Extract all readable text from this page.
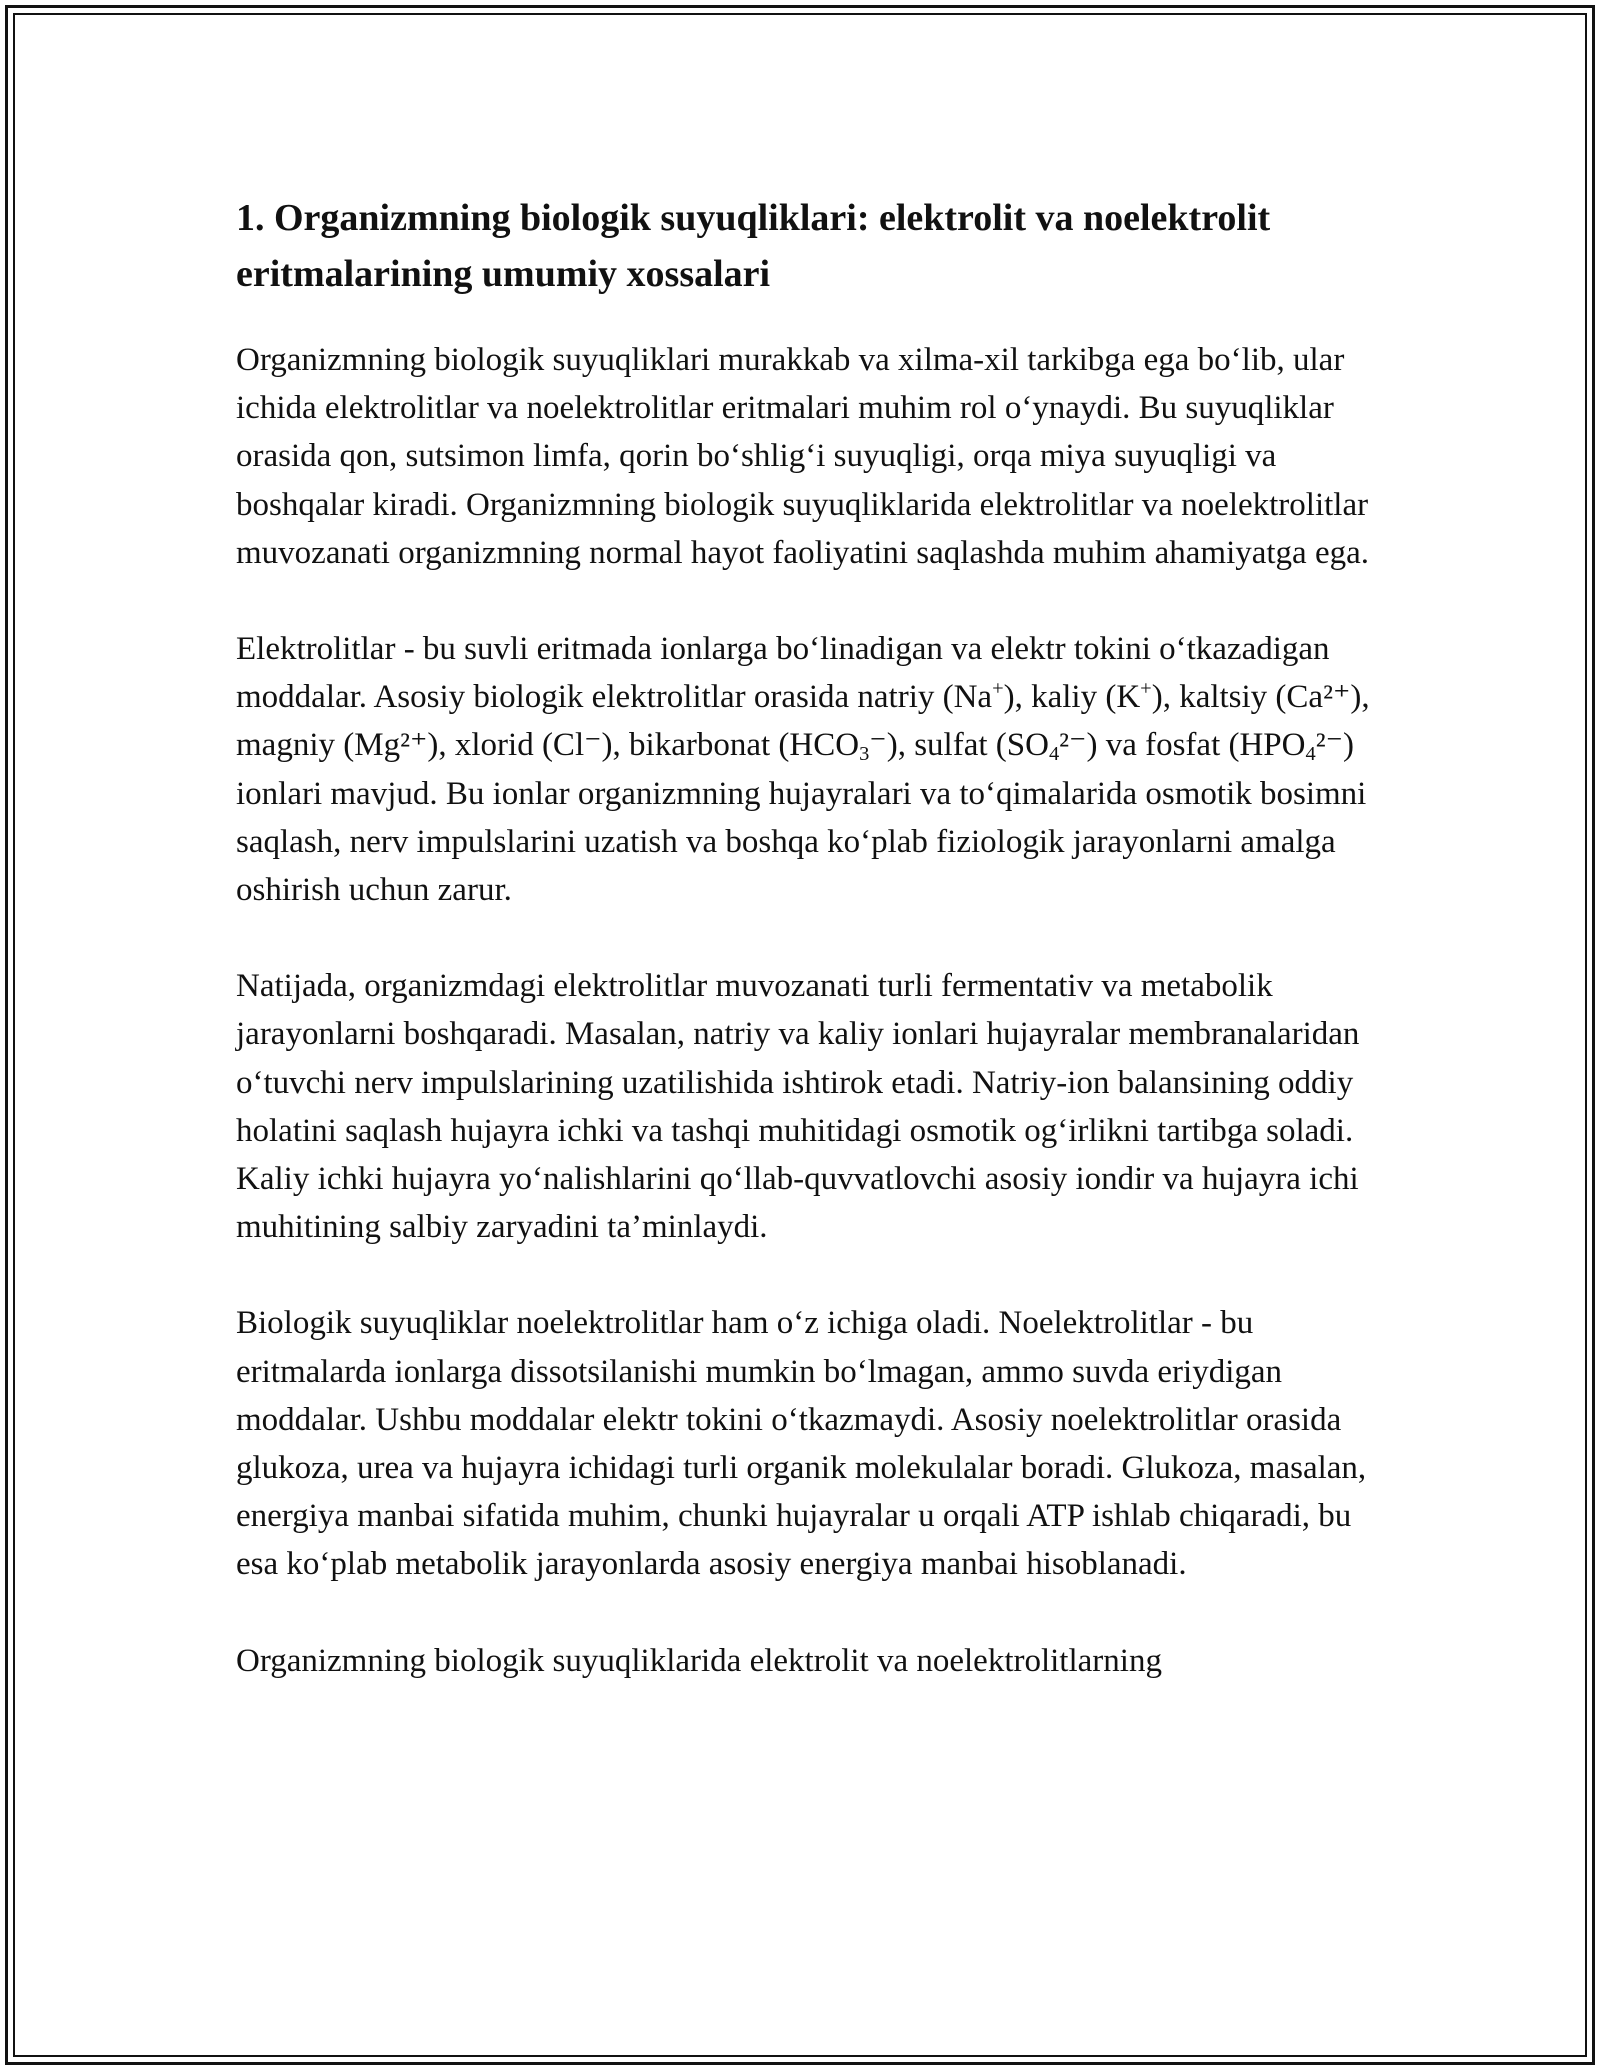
1. Organizmning biologik suyuqliklari: elektrolit va noelektrolit eritmalarining umumiy xossalari

Organizmning biologik suyuqliklari murakkab va xilma-xil tarkibga ega bo‘lib, ular ichida elektrolitlar va noelektrolitlar eritmalari muhim rol o‘ynaydi. Bu suyuqliklar orasida qon, sutsimon limfa, qorin bo‘shlig‘i suyuqligi, orqa miya suyuqligi va boshqalar kiradi. Organizmning biologik suyuqliklarida elektrolitlar va noelektrolitlar muvozanati organizmning normal hayot faoliyatini saqlashda muhim ahamiyatga ega.

Elektrolitlar - bu suvli eritmada ionlarga bo‘linadigan va elektr tokini o‘tkazadigan moddalar. Asosiy biologik elektrolitlar orasida natriy (Na+), kaliy (K+), kaltsiy (Ca²⁺), magniy (Mg²⁺), xlorid (Cl⁻), bikarbonat $(HCO_3^-)$, sulfat $(SO_4^{2-})$ va fosfat $(HPO_4^{2-})$ ionlari mavjud. Bu ionlar organizmning hujayralari va to‘qimalarida osmotik bosimni saqlash, nerv impulslarini uzatish va boshqa ko‘plab fiziologik jarayonlarni amalga oshirish uchun zarur.

Natijada, organizmdagi elektrolitlar muvozanati turli fermentativ va metabolik jarayonlarni boshqaradi. Masalan, natriy va kaliy ionlari hujayralar membranalaridan o‘tuvchi nerv impulslarining uzatilishida ishtirok etadi. Natriy-ion balansining oddiy holatini saqlash hujayra ichki va tashqi muhitidagi osmotik og‘irlikni tartibga soladi. Kaliy ichki hujayra yo‘nalishlarini qo‘llab-quvvatlovchi asosiy iondir va hujayra ichi muhitining salbiy zaryadini ta’minlaydi.

Biologik suyuqliklar noelektrolitlar ham o‘z ichiga oladi. Noelektrolitlar - bu eritmalarda ionlarga dissotsilanishi mumkin bo‘lmagan, ammo suvda eriydigan moddalar. Ushbu moddalar elektr tokini o‘tkazmaydi. Asosiy noelektrolitlar orasida glukoza, urea va hujayra ichidagi turli organik molekulalar boradi. Glukoza, masalan, energiya manbai sifatida muhim, chunki hujayralar u orqali ATP ishlab chiqaradi, bu esa ko‘plab metabolik jarayonlarda asosiy energiya manbai hisoblanadi.

Organizmning biologik suyuqliklarida elektrolit va noelektrolitlarning
